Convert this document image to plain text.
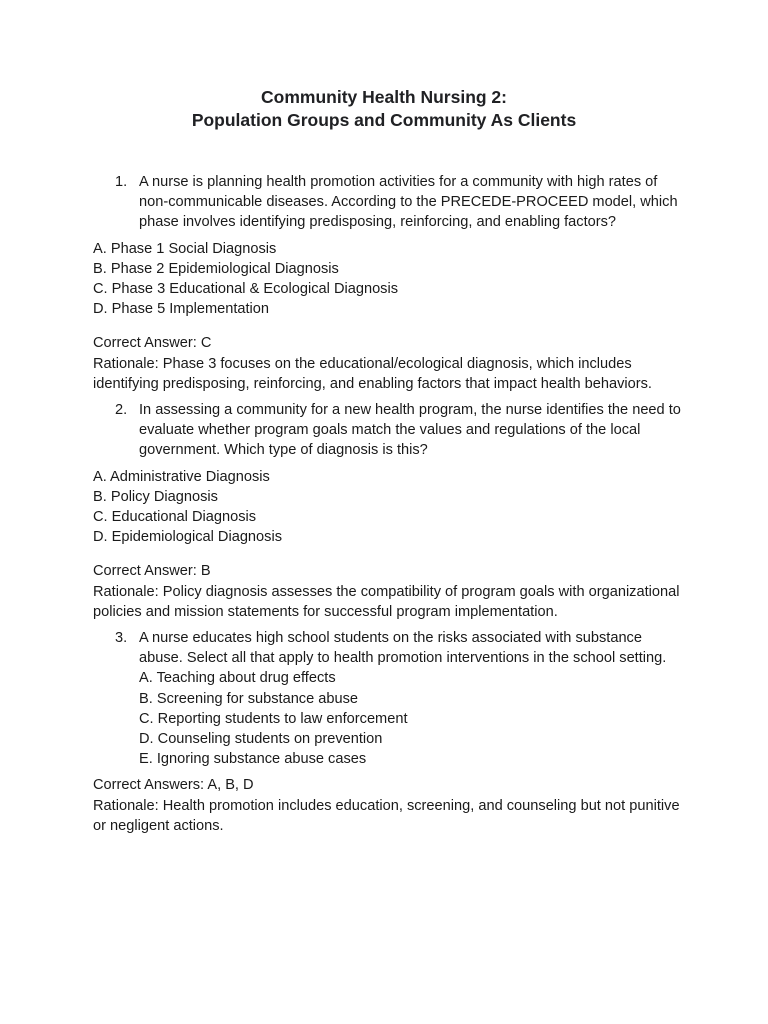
Community Health Nursing 2:
Population Groups and Community As Clients
1. A nurse is planning health promotion activities for a community with high rates of non-communicable diseases. According to the PRECEDE-PROCEED model, which phase involves identifying predisposing, reinforcing, and enabling factors?
A. Phase 1 Social Diagnosis
B. Phase 2 Epidemiological Diagnosis
C. Phase 3 Educational & Ecological Diagnosis
D. Phase 5 Implementation
Correct Answer: C
Rationale: Phase 3 focuses on the educational/ecological diagnosis, which includes identifying predisposing, reinforcing, and enabling factors that impact health behaviors.
2. In assessing a community for a new health program, the nurse identifies the need to evaluate whether program goals match the values and regulations of the local government. Which type of diagnosis is this?
A. Administrative Diagnosis
B. Policy Diagnosis
C. Educational Diagnosis
D. Epidemiological Diagnosis
Correct Answer: B
Rationale: Policy diagnosis assesses the compatibility of program goals with organizational policies and mission statements for successful program implementation.
3. A nurse educates high school students on the risks associated with substance abuse. Select all that apply to health promotion interventions in the school setting.
A. Teaching about drug effects
B. Screening for substance abuse
C. Reporting students to law enforcement
D. Counseling students on prevention
E. Ignoring substance abuse cases
Correct Answers: A, B, D
Rationale: Health promotion includes education, screening, and counseling but not punitive or negligent actions.
